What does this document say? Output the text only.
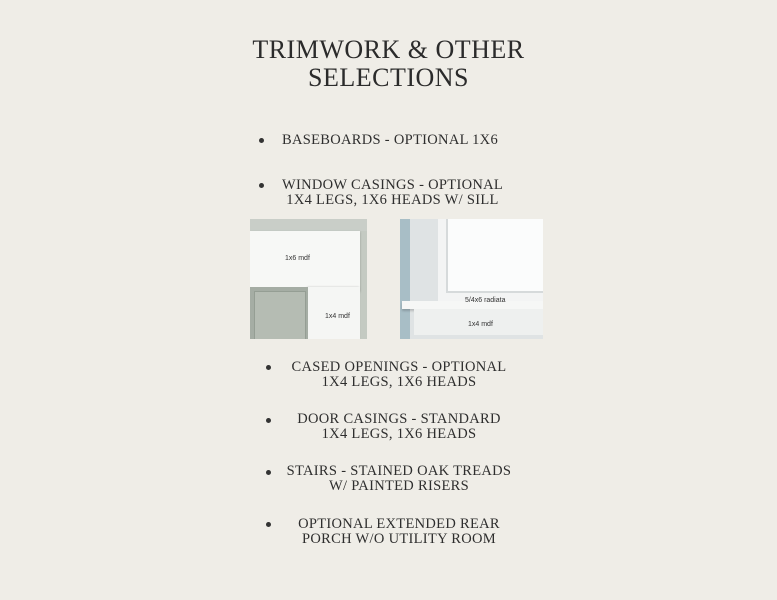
TRIMWORK & OTHER
SELECTIONS
BASEBOARDS - OPTIONAL 1X6
WINDOW CASINGS - OPTIONAL
1X4 LEGS, 1X6 HEADS W/ SILL
1x6 mdf
1x4 mdf
5/4x6 radiata
1x4 mdf
CASED OPENINGS - OPTIONAL
1X4 LEGS, 1X6 HEADS
DOOR CASINGS - STANDARD
1X4 LEGS, 1X6 HEADS
STAIRS - STAINED OAK TREADS
W/ PAINTED RISERS
OPTIONAL EXTENDED REAR
PORCH W/O UTILITY ROOM
